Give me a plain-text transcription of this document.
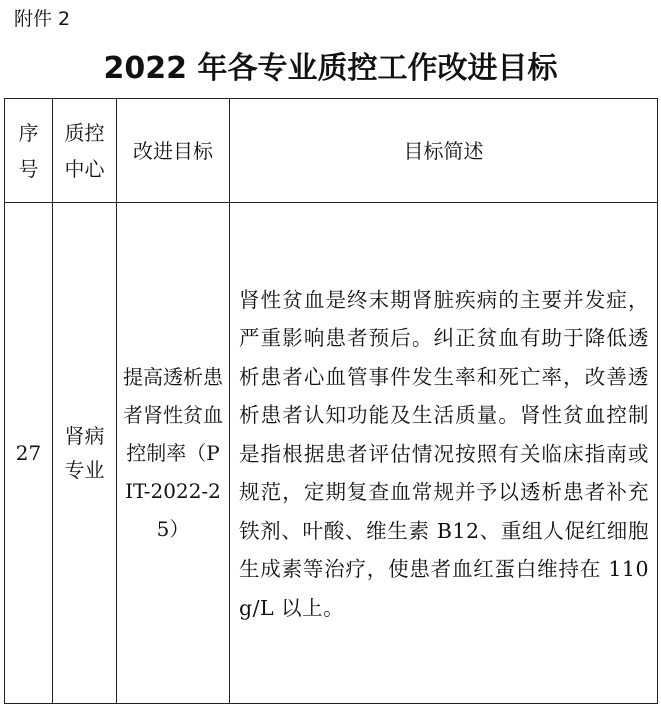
附件 2
2022 年各专业质控工作改进目标
序号	质控中心	改进目标	目标简述

27	肾病专业	提高透析患者肾性贫血控制率（PIT-2022-25）	肾性贫血是终末期肾脏疾病的主要并发症，严重影响患者预后。纠正贫血有助于降低透析患者心血管事件发生率和死亡率，改善透析患者认知功能及生活质量。肾性贫血控制是指根据患者评估情况按照有关临床指南或规范，定期复查血常规并予以透析患者补充铁剂、叶酸、维生素 B12、重组人促红细胞生成素等治疗，使患者血红蛋白维持在 110g/L 以上。
